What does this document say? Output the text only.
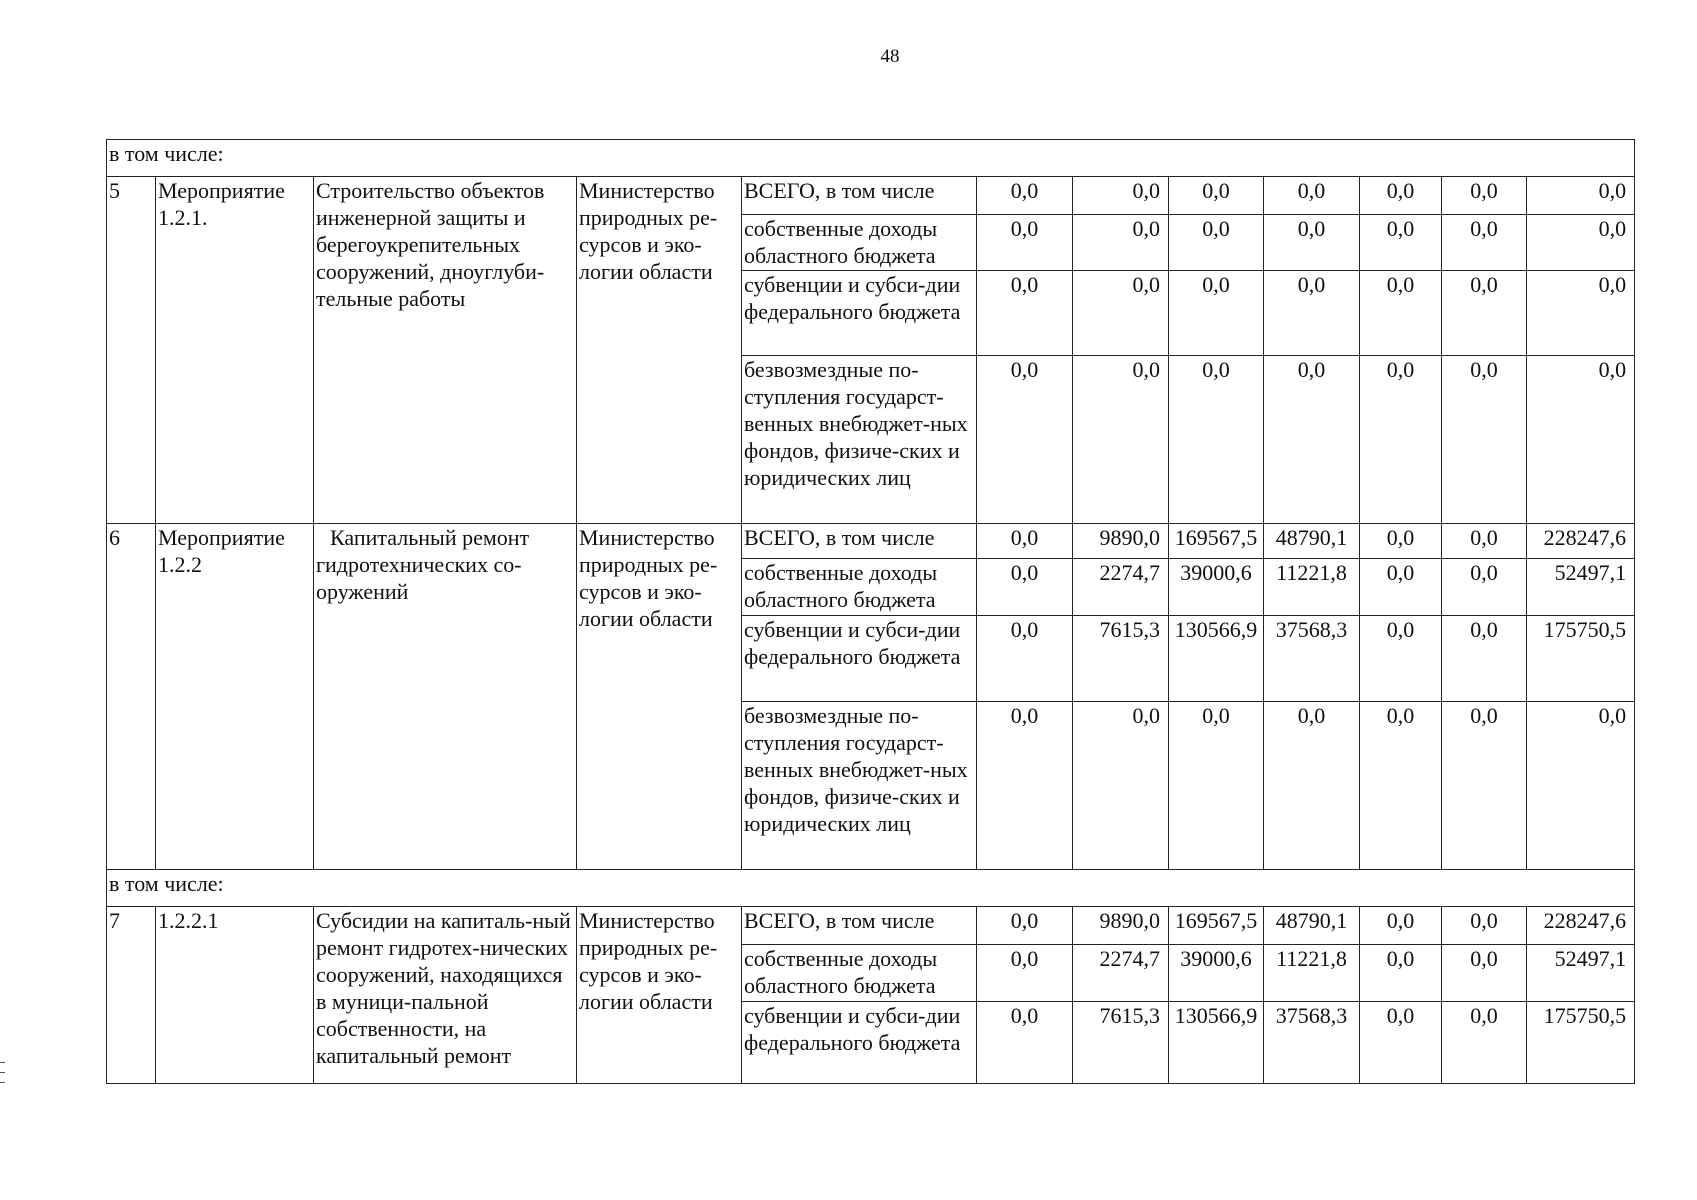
48
в том числе:											
5	Мероприятие 1.2.1.	Строительство объектов инженерной защиты и берегоукрепительных сооружений, дноуглуби-тельные работы	Министерство природных ре-сурсов и эко-логии области	ВСЕГО, в том числе	0,0	0,0	0,0	0,0	0,0	0,0	0,0
				собственные доходы областного бюджета	0,0	0,0	0,0	0,0	0,0	0,0	0,0
				субвенции и субси-дии федерального бюджета	0,0	0,0	0,0	0,0	0,0	0,0	0,0
				безвозмездные по-ступления государст-венных внебюджет-ных фондов, физиче-ских и юридических лиц	0,0	0,0	0,0	0,0	0,0	0,0	0,0
6	Мероприятие 1.2.2	Капитальный ремонт гидротехнических со-оружений	Министерство природных ре-сурсов и эко-логии области	ВСЕГО, в том числе	0,0	9890,0	169567,5	48790,1	0,0	0,0	228247,6
				собственные доходы областного бюджета	0,0	2274,7	39000,6	11221,8	0,0	0,0	52497,1
				субвенции и субси-дии федерального бюджета	0,0	7615,3	130566,9	37568,3	0,0	0,0	175750,5
				безвозмездные по-ступления государст-венных внебюджет-ных фондов, физиче-ских и юридических лиц	0,0	0,0	0,0	0,0	0,0	0,0	0,0
в том числе:											
7	1.2.2.1	Субсидии на капиталь-ный ремонт гидротех-нических сооружений, находящихся в муници-пальной собственности, на капитальный ремонт	Министерство природных ре-сурсов и эко-логии области	ВСЕГО, в том числе	0,0	9890,0	169567,5	48790,1	0,0	0,0	228247,6
				собственные доходы областного бюджета	0,0	2274,7	39000,6	11221,8	0,0	0,0	52497,1
				субвенции и субси-дии федерального бюджета	0,0	7615,3	130566,9	37568,3	0,0	0,0	175750,5
